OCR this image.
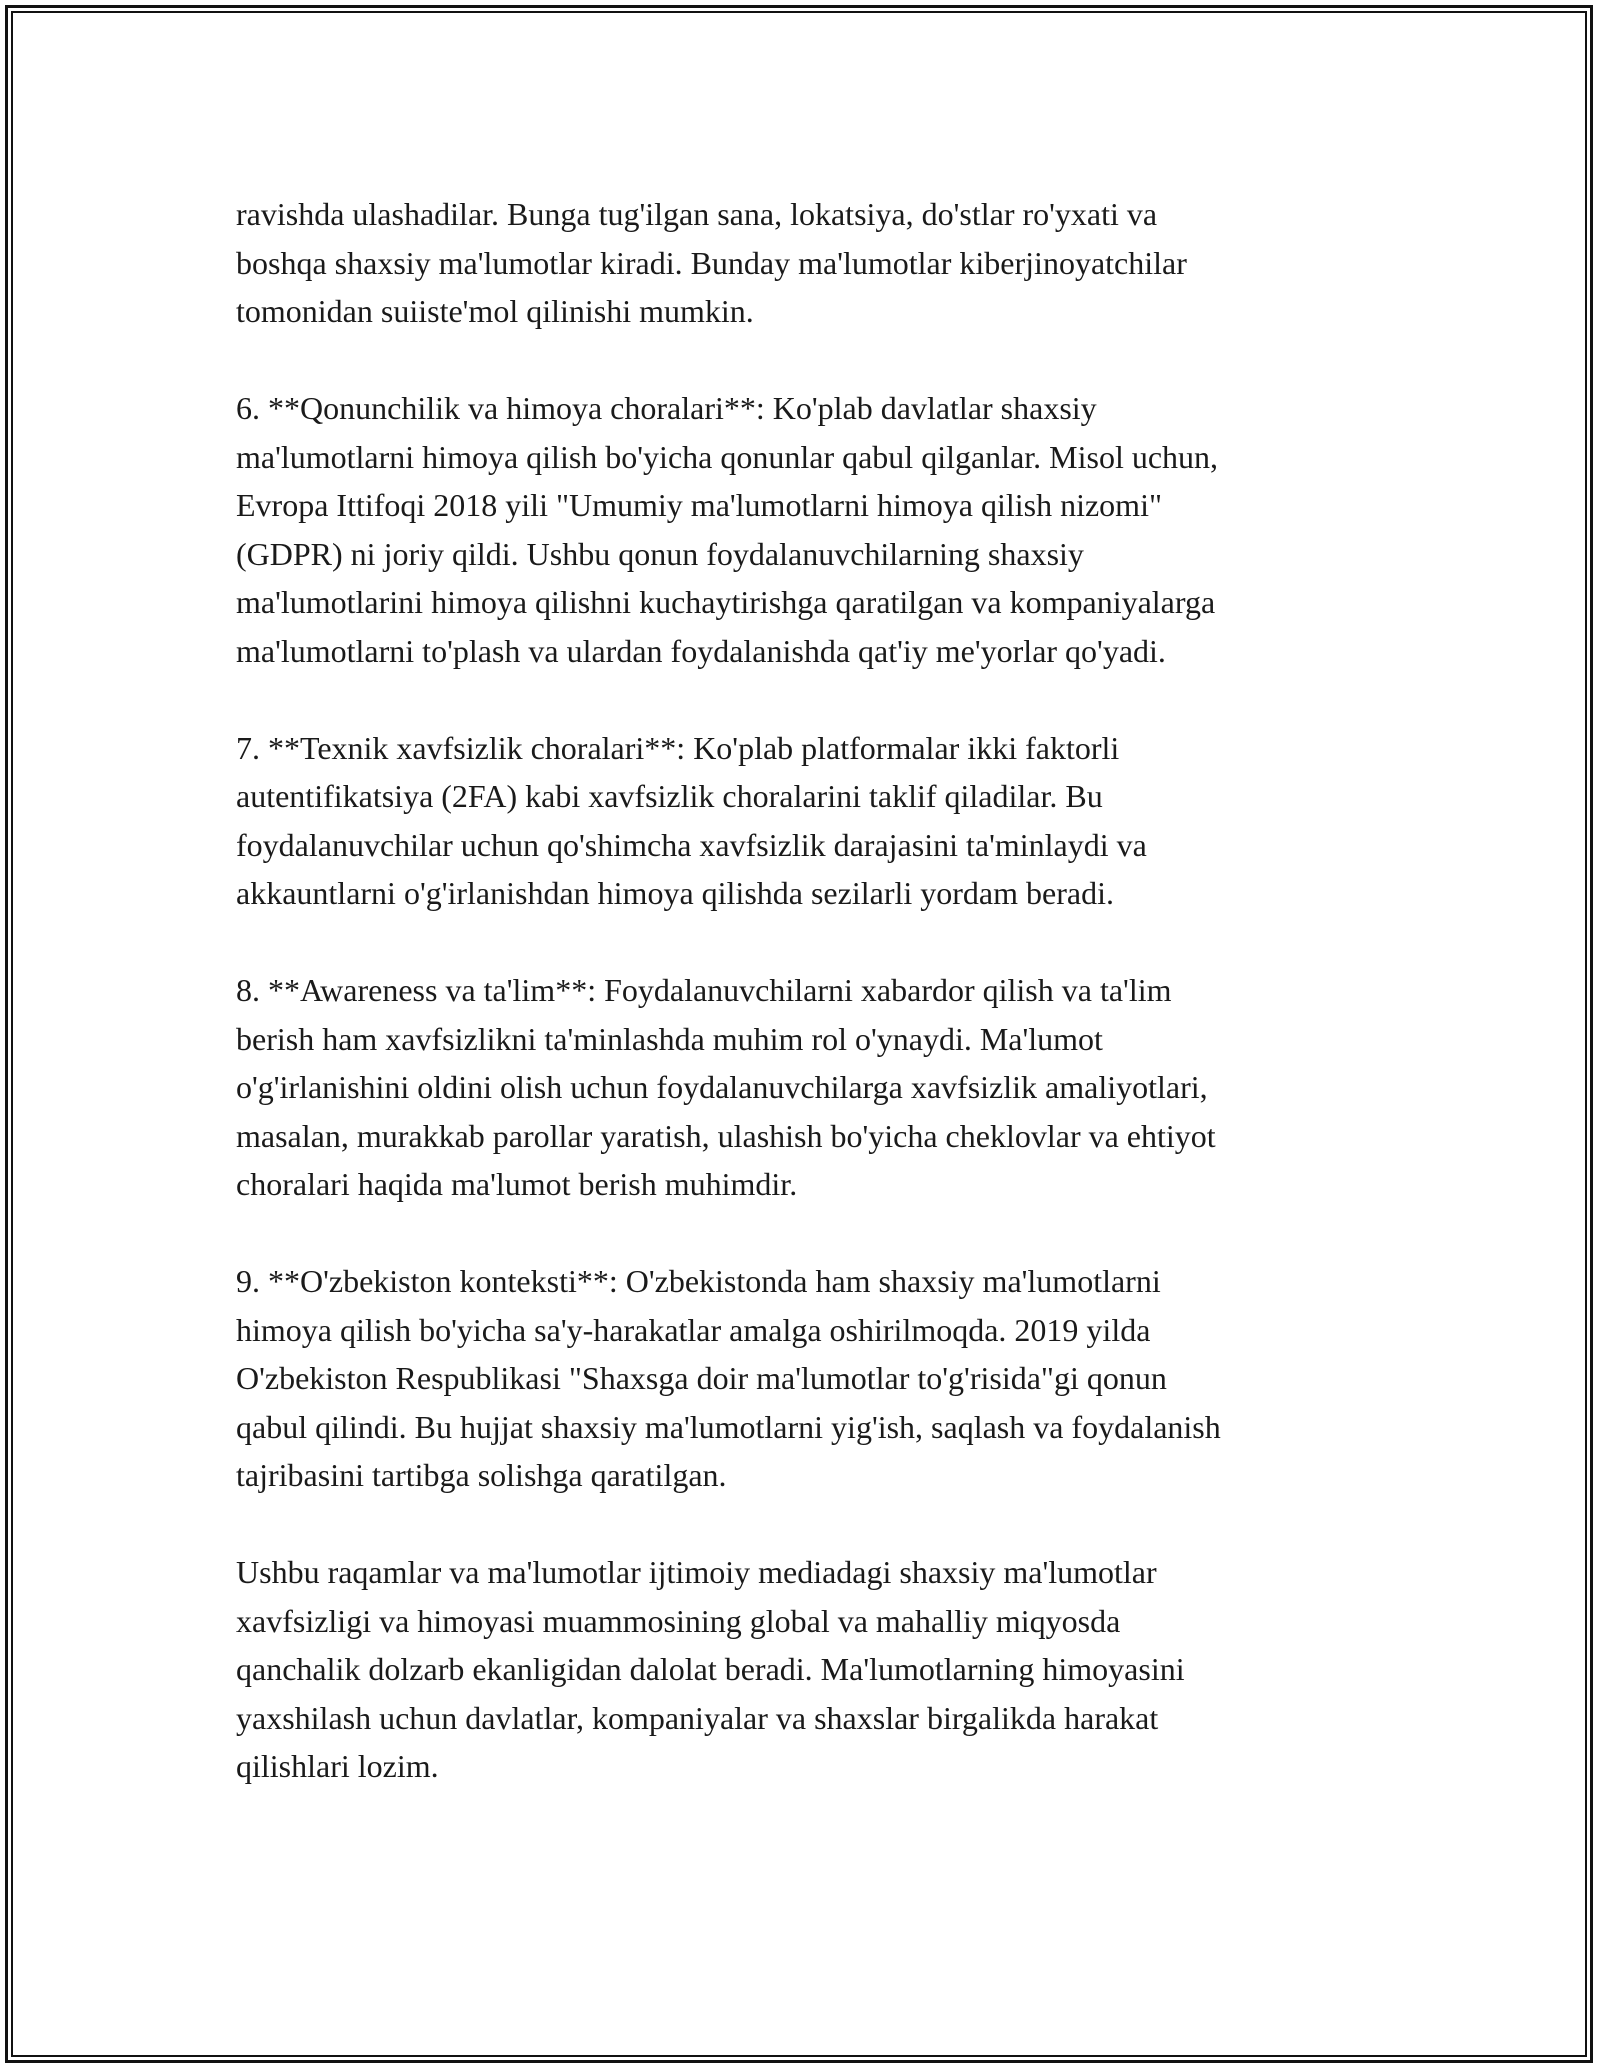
ravishda ulashadilar. Bunga tug'ilgan sana, lokatsiya, do'stlar ro'yxati va
boshqa shaxsiy ma'lumotlar kiradi. Bunday ma'lumotlar kiberjinoyatchilar
tomonidan suiiste'mol qilinishi mumkin.

6. **Qonunchilik va himoya choralari**: Ko'plab davlatlar shaxsiy
ma'lumotlarni himoya qilish bo'yicha qonunlar qabul qilganlar. Misol uchun,
Evropa Ittifoqi 2018 yili "Umumiy ma'lumotlarni himoya qilish nizomi"
(GDPR) ni joriy qildi. Ushbu qonun foydalanuvchilarning shaxsiy
ma'lumotlarini himoya qilishni kuchaytirishga qaratilgan va kompaniyalarga
ma'lumotlarni to'plash va ulardan foydalanishda qat'iy me'yorlar qo'yadi.

7. **Texnik xavfsizlik choralari**: Ko'plab platformalar ikki faktorli
autentifikatsiya (2FA) kabi xavfsizlik choralarini taklif qiladilar. Bu
foydalanuvchilar uchun qo'shimcha xavfsizlik darajasini ta'minlaydi va
akkauntlarni o'g'irlanishdan himoya qilishda sezilarli yordam beradi.

8. **Awareness va ta'lim**: Foydalanuvchilarni xabardor qilish va ta'lim
berish ham xavfsizlikni ta'minlashda muhim rol o'ynaydi. Ma'lumot
o'g'irlanishini oldini olish uchun foydalanuvchilarga xavfsizlik amaliyotlari,
masalan, murakkab parollar yaratish, ulashish bo'yicha cheklovlar va ehtiyot
choralari haqida ma'lumot berish muhimdir.

9. **O'zbekiston konteksti**: O'zbekistonda ham shaxsiy ma'lumotlarni
himoya qilish bo'yicha sa'y-harakatlar amalga oshirilmoqda. 2019 yilda
O'zbekiston Respublikasi "Shaxsga doir ma'lumotlar to'g'risida"gi qonun
qabul qilindi. Bu hujjat shaxsiy ma'lumotlarni yig'ish, saqlash va foydalanish
tajribasini tartibga solishga qaratilgan.

Ushbu raqamlar va ma'lumotlar ijtimoiy mediadagi shaxsiy ma'lumotlar
xavfsizligi va himoyasi muammosining global va mahalliy miqyosda
qanchalik dolzarb ekanligidan dalolat beradi. Ma'lumotlarning himoyasini
yaxshilash uchun davlatlar, kompaniyalar va shaxslar birgalikda harakat
qilishlari lozim.
